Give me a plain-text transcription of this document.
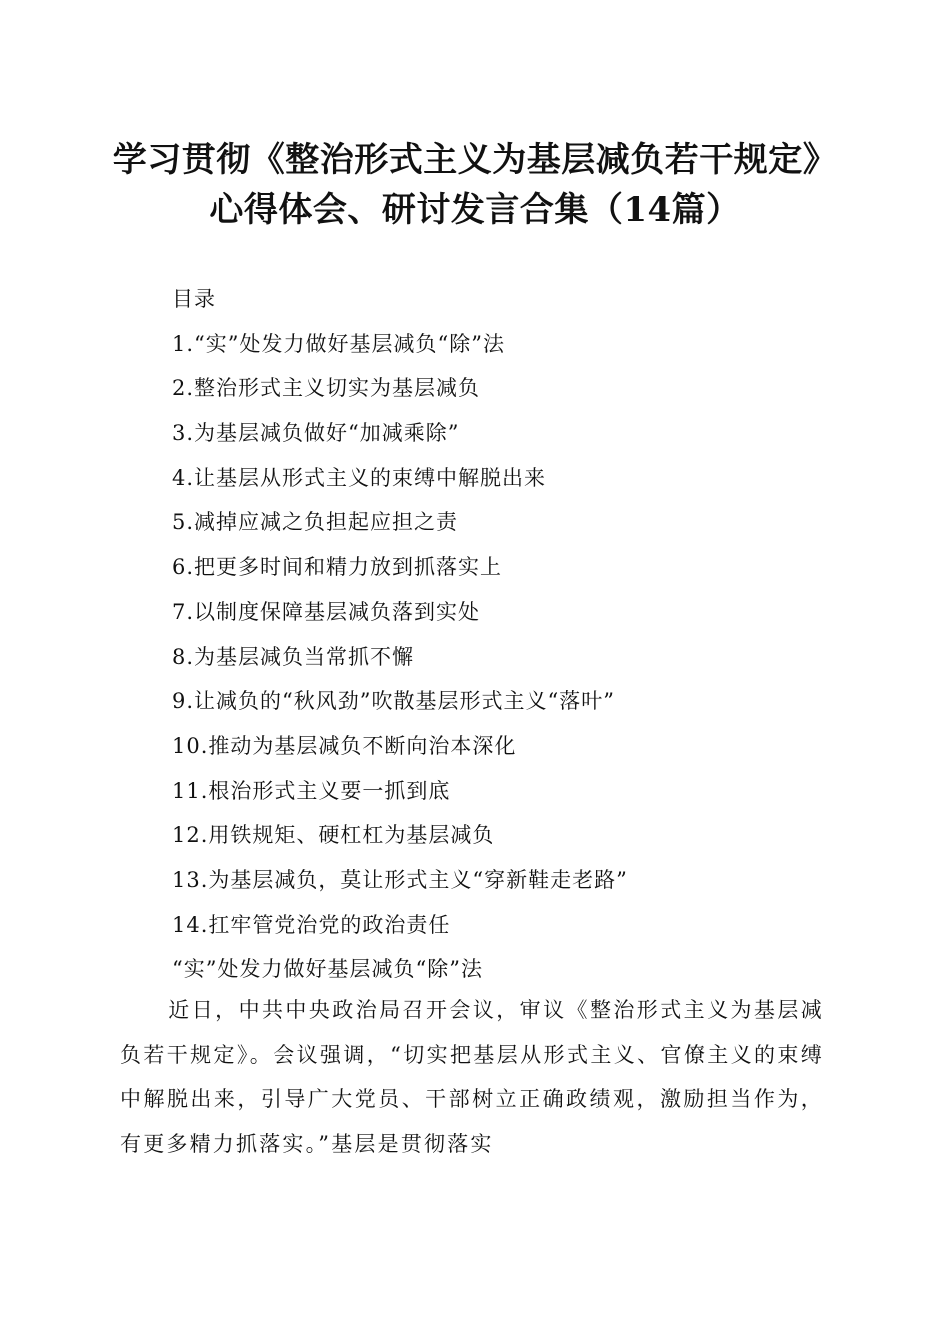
学习贯彻《整治形式主义为基层减负若干规定》心得体会、研讨发言合集（14篇）
目录
1.“实”处发力做好基层减负“除”法
2.整治形式主义切实为基层减负
3.为基层减负做好“加减乘除”
4.让基层从形式主义的束缚中解脱出来
5.减掉应减之负担起应担之责
6.把更多时间和精力放到抓落实上
7.以制度保障基层减负落到实处
8.为基层减负当常抓不懈
9.让减负的“秋风劲”吹散基层形式主义“落叶”
10.推动为基层减负不断向治本深化
11.根治形式主义要一抓到底
12.用铁规矩、硬杠杠为基层减负
13.为基层减负，莫让形式主义“穿新鞋走老路”
14.扛牢管党治党的政治责任
“实”处发力做好基层减负“除”法

近日，中共中央政治局召开会议，审议《整治形式主义为基层减负若干规定》。会议强调，“切实把基层从形式主义、官僚主义的束缚中解脱出来，引导广大党员、干部树立正确政绩观，激励担当作为，有更多精力抓落实。”基层是贯彻落实
